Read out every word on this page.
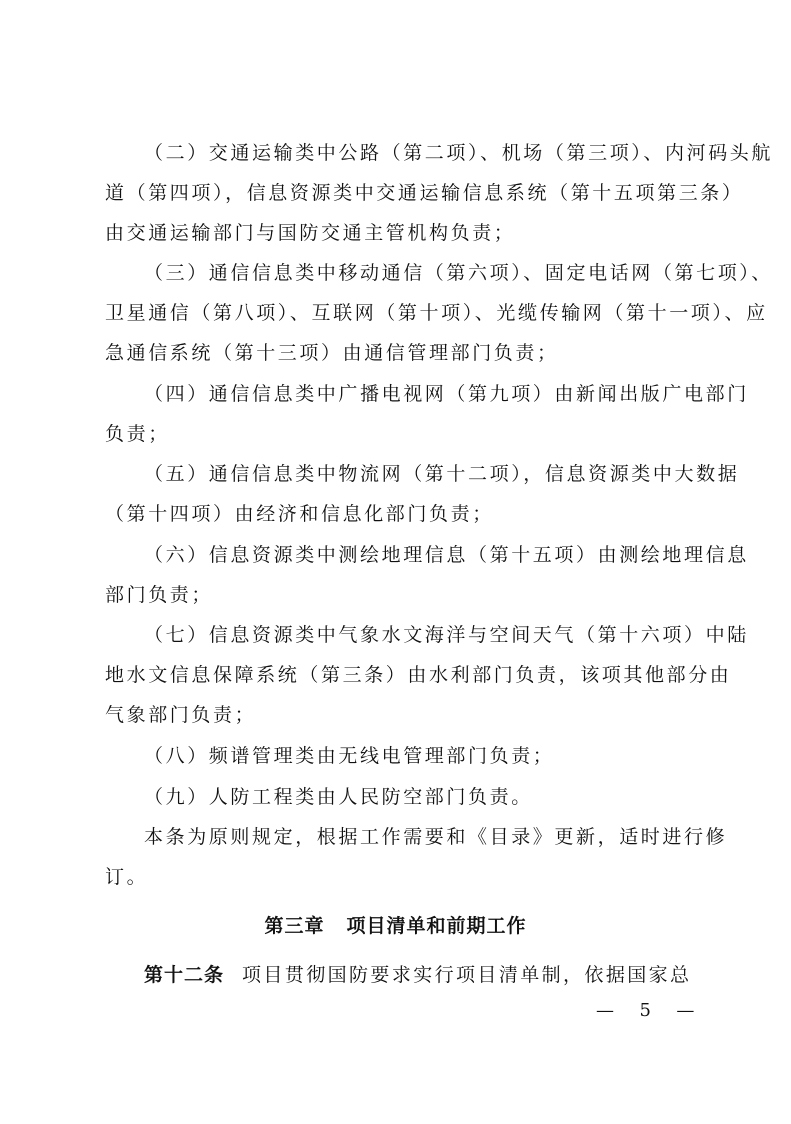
（二）交通运输类中公路（第二项）、机场（第三项）、内河码头航
道（第四项），信息资源类中交通运输信息系统（第十五项第三条）
由交通运输部门与国防交通主管机构负责；
（三）通信信息类中移动通信（第六项）、固定电话网（第七项）、
卫星通信（第八项）、互联网（第十项）、光缆传输网（第十一项）、应
急通信系统（第十三项）由通信管理部门负责；
（四）通信信息类中广播电视网（第九项）由新闻出版广电部门
负责；
（五）通信信息类中物流网（第十二项），信息资源类中大数据
（第十四项）由经济和信息化部门负责；
（六）信息资源类中测绘地理信息（第十五项）由测绘地理信息
部门负责；
（七）信息资源类中气象水文海洋与空间天气（第十六项）中陆
地水文信息保障系统（第三条）由水利部门负责，该项其他部分由
气象部门负责；
（八）频谱管理类由无线电管理部门负责；
（九）人防工程类由人民防空部门负责。
本条为原则规定，根据工作需要和《目录》更新，适时进行修
订。
第三章 项目清单和前期工作
第十二条 项目贯彻国防要求实行项目清单制，依据国家总
— 5 —
